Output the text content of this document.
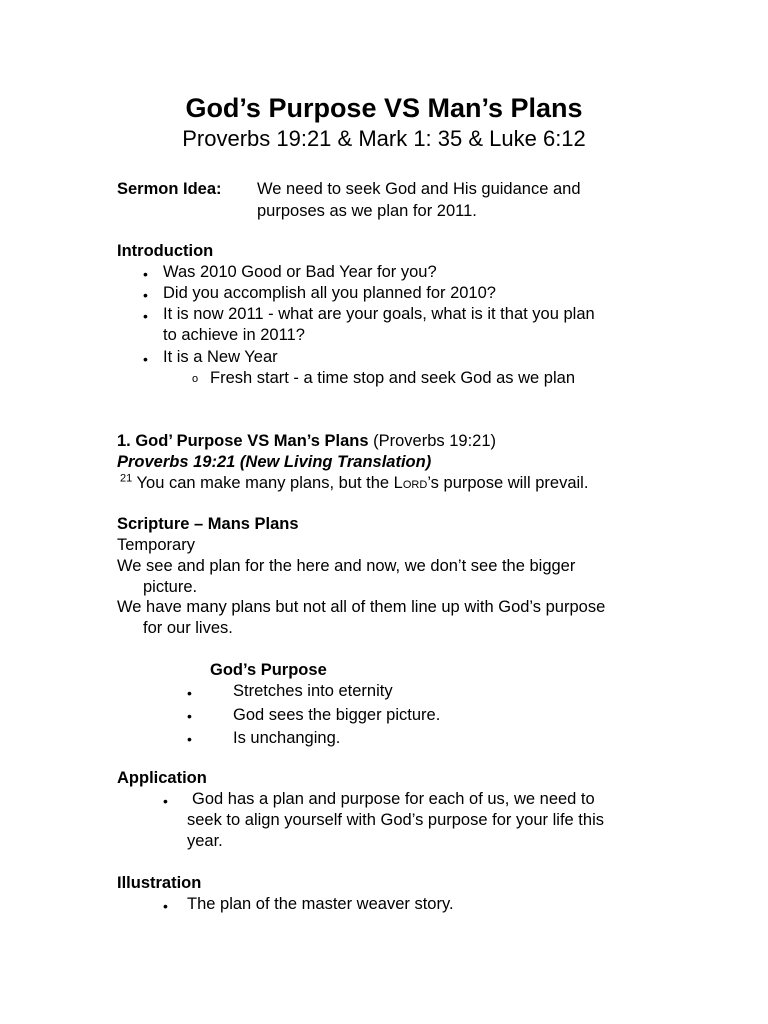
God’s Purpose VS Man’s Plans
Proverbs 19:21 & Mark 1: 35 & Luke 6:12
Sermon Idea: We need to seek God and His guidance and
purposes as we plan for 2011.
Introduction
• Was 2010 Good or Bad Year for you?
• Did you accomplish all you planned for 2010?
• It is now 2011 - what are your goals, what is it that you plan
to achieve in 2011?
• It is a New Year
o Fresh start - a time stop and seek God as we plan
1. God’ Purpose VS Man’s Plans (Proverbs 19:21)
Proverbs 19:21 (New Living Translation)
$^{21}$ You can make many plans, but the LORD’s purpose will prevail.
Scripture – Mans Plans
Temporary
We see and plan for the here and now, we don’t see the bigger
picture.
We have many plans but not all of them line up with God’s purpose
for our lives.
God’s Purpose
• Stretches into eternity
• God sees the bigger picture.
• Is unchanging.
Application
• God has a plan and purpose for each of us, we need to
seek to align yourself with God’s purpose for your life this
year.
Illustration
• The plan of the master weaver story.
